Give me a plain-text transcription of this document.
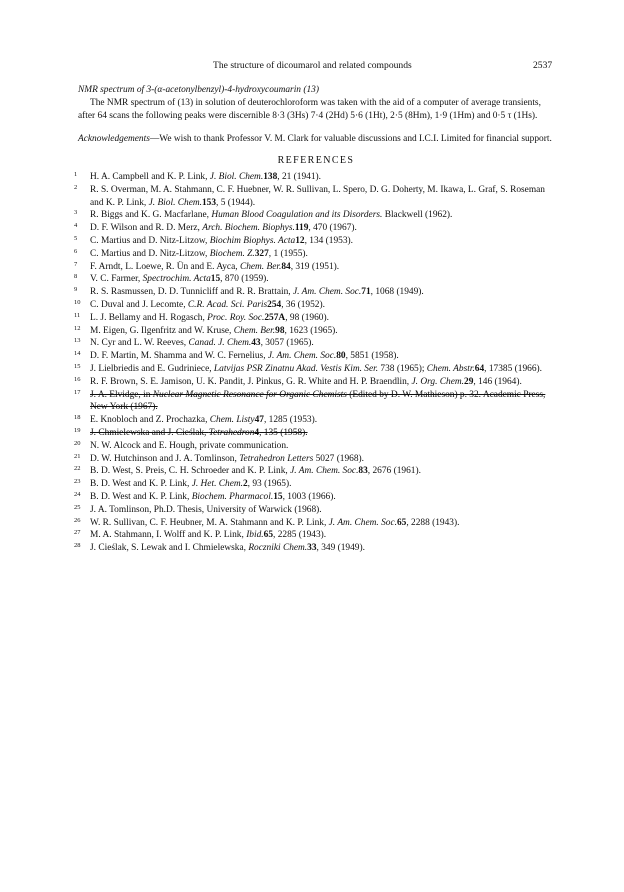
The structure of dicoumarol and related compounds	2537

NMR spectrum of 3-(α-acetonylbenzyl)-4-hydroxycoumarin (13)

The NMR spectrum of (13) in solution of deuterochloroform was taken with the aid of a computer of average transients, after 64 scans the following peaks were discernible 8·3 (3Hs) 7·4 (2Hd) 5·6 (1Ht), 2·5 (8Hm), 1·9 (1Hm) and 0·5 τ (1Hs).

Acknowledgements—We wish to thank Professor V. M. Clark for valuable discussions and I.C.I. Limited for financial support.

REFERENCES

1	H. A. Campbell and K. P. Link, J. Biol. Chem.138, 21 (1941).
2	R. S. Overman, M. A. Stahmann, C. F. Huebner, W. R. Sullivan, L. Spero, D. G. Doherty, M. Ikawa, L. Graf, S. Roseman and K. P. Link, J. Biol. Chem.153, 5 (1944).
3	R. Biggs and K. G. Macfarlane, Human Blood Coagulation and its Disorders. Blackwell (1962).
4	D. F. Wilson and R. D. Merz, Arch. Biochem. Biophys.119, 470 (1967).
5	C. Martius and D. Nitz-Litzow, Biochim Biophys. Acta12, 134 (1953).
6	C. Martius and D. Nitz-Litzow, Biochem. Z.327, 1 (1955).
7	F. Arndt, L. Loewe, R. Ün and E. Ayca, Chem. Ber.84, 319 (1951).
8	V. C. Farmer, Spectrochim. Acta15, 870 (1959).
9	R. S. Rasmussen, D. D. Tunnicliff and R. R. Brattain, J. Am. Chem. Soc.71, 1068 (1949).
10	C. Duval and J. Lecomte, C.R. Acad. Sci. Paris254, 36 (1952).
11	L. J. Bellamy and H. Rogasch, Proc. Roy. Soc.257A, 98 (1960).
12	M. Eigen, G. Ilgenfritz and W. Kruse, Chem. Ber.98, 1623 (1965).
13	N. Cyr and L. W. Reeves, Canad. J. Chem.43, 3057 (1965).
14	D. F. Martin, M. Shamma and W. C. Fernelius, J. Am. Chem. Soc.80, 5851 (1958).
15	J. Lielbriedis and E. Gudriniece, Latvijas PSR Zinatnu Akad. Vestis Kim. Ser. 738 (1965); Chem. Abstr.64, 17385 (1966).
16	R. F. Brown, S. E. Jamison, U. K. Pandit, J. Pinkus, G. R. White and H. P. Braendlin, J. Org. Chem.29, 146 (1964).
17	J. A. Elvidge, in Nuclear Magnetic Resonance for Organic Chemists (Edited by D. W. Mathieson) p. 32. Academic Press, New York (1967).
18	E. Knobloch and Z. Prochazka, Chem. Listy47, 1285 (1953).
19	J. Chmielewska and J. Cieślak, Tetrahedron4, 135 (1958).
20	N. W. Alcock and E. Hough, private communication.
21	D. W. Hutchinson and J. A. Tomlinson, Tetrahedron Letters 5027 (1968).
22	B. D. West, S. Preis, C. H. Schroeder and K. P. Link, J. Am. Chem. Soc.83, 2676 (1961).
23	B. D. West and K. P. Link, J. Het. Chem.2, 93 (1965).
24	B. D. West and K. P. Link, Biochem. Pharmacol.15, 1003 (1966).
25	J. A. Tomlinson, Ph.D. Thesis, University of Warwick (1968).
26	W. R. Sullivan, C. F. Heubner, M. A. Stahmann and K. P. Link, J. Am. Chem. Soc.65, 2288 (1943).
27	M. A. Stahmann, I. Wolff and K. P. Link, Ibid.65, 2285 (1943).
28	J. Cieślak, S. Lewak and I. Chmielewska, Roczniki Chem.33, 349 (1949).
